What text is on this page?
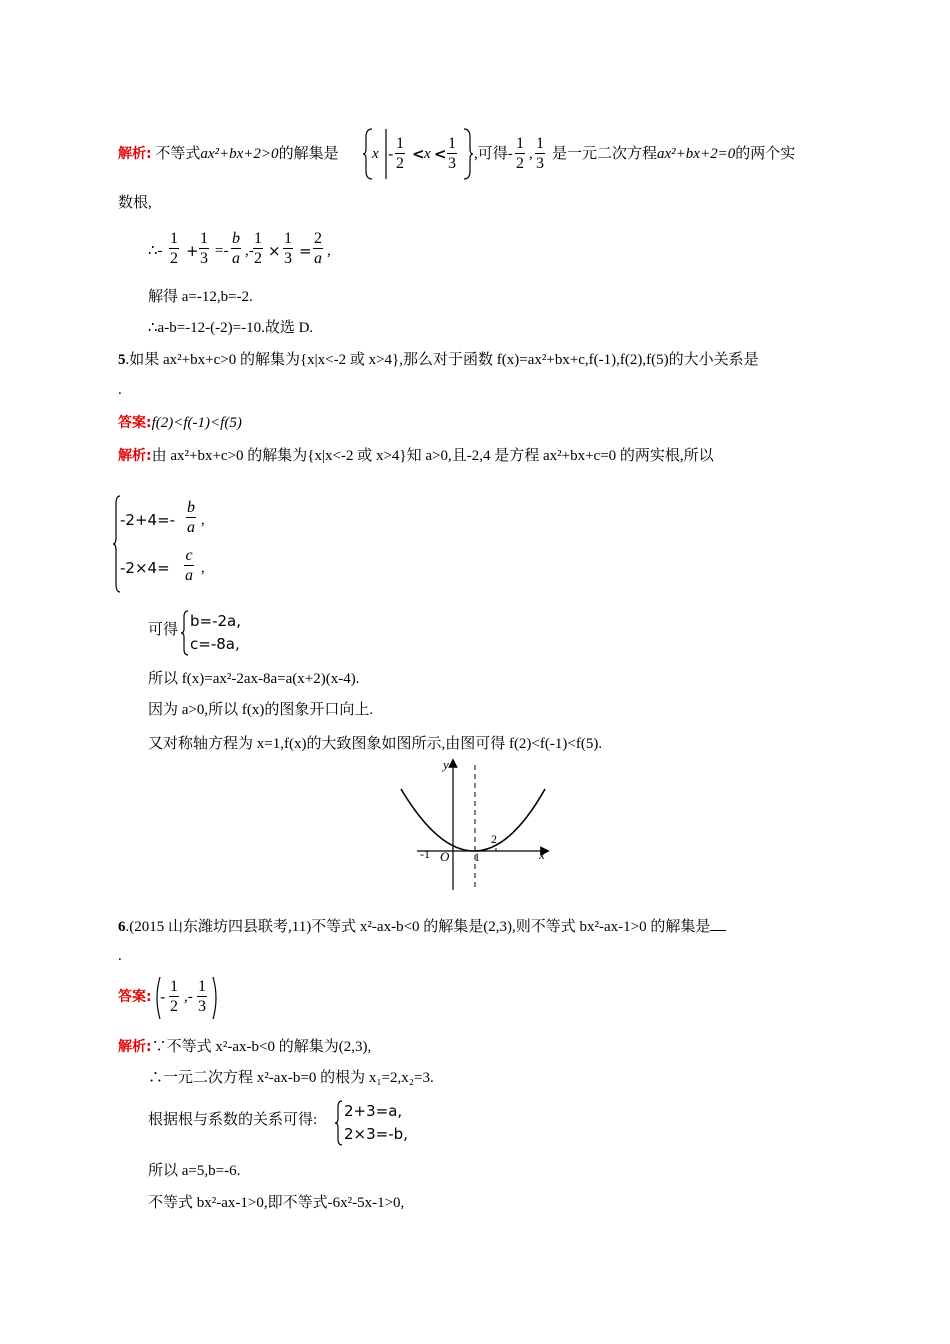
解析: 不等式ax²+bx+2>0的解集是 $x - \frac{1}{2} < x < \frac{1}{3}$ ,可得- $\frac{1}{2}$ , $\frac{1}{3}$ 是一元二次方程ax²+bx+2=0的两个实
数根,
∴- $\frac{1}{2} + \frac{1}{3} =- \frac{b}{a}$ ,- $\frac{1}{2} \times \frac{1}{3} = \frac{2}{a}$ ,
解得 a=-12,b=-2.
∴a-b=-12-(-2)=-10.故选 D.
5.如果 ax²+bx+c>0 的解集为{x|x<-2 或 x>4},那么对于函数 f(x)=ax²+bx+c,f(-1),f(2),f(5)的大小关系是
.
答案:f(2)<f(-1)<f(5)
解析:由 ax²+bx+c>0 的解集为{x|x<-2 或 x>4}知 a>0,且-2,4 是方程 ax²+bx+c=0 的两实根,所以
$-2+4=- \frac{b}{a}$ ,
$-2\times 4= \frac{c}{a}$ ,
可得 b=-2a,
c=-8a,
所以 f(x)=ax²-2ax-8a=a(x+2)(x-4).
因为 a>0,所以 f(x)的图象开口向上.
又对称轴方程为 x=1,f(x)的大致图象如图所示,由图可得 f(2)<f(-1)<f(5).
y
x
O
-1	1
2
6.(2015 山东潍坊四县联考,11)不等式 x²-ax-b<0 的解集是(2,3),则不等式 bx²-ax-1>0 的解集是
.
答案: - $\frac{1}{2}$ ,- $\frac{1}{3}$
解析:∵不等式 x²-ax-b<0 的解集为(2,3),
∴一元二次方程 x²-ax-b=0 的根为 x₁=2,x₂=3.
根据根与系数的关系可得: 2+3=a,
2×3=-b,
所以 a=5,b=-6.
不等式 bx²-ax-1>0,即不等式-6x²-5x-1>0,
